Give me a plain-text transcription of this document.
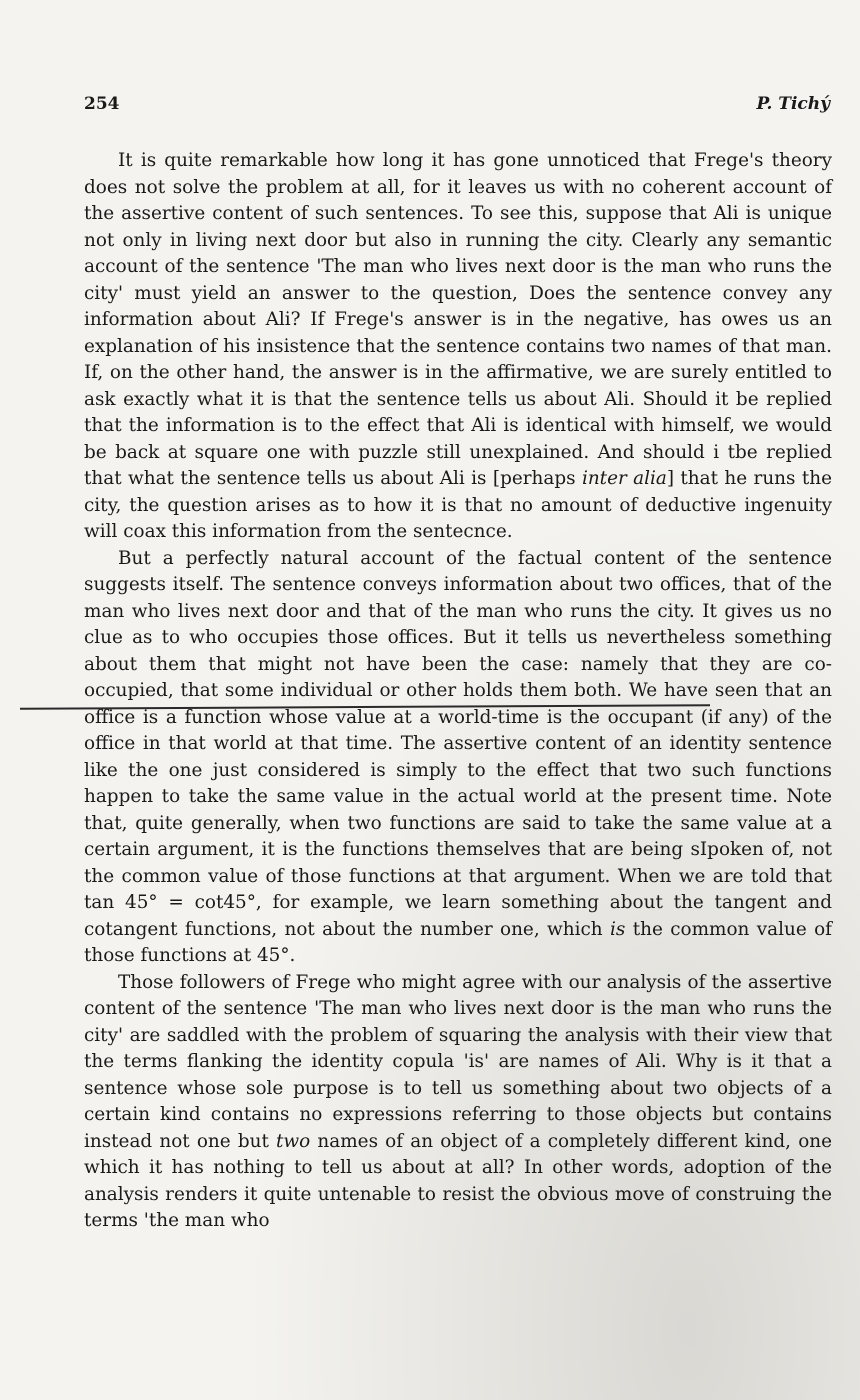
254	P. Tichý

It is quite remarkable how long it has gone unnoticed that Frege's theory does not solve the problem at all, for it leaves us with no coherent account of the assertive content of such sentences. To see this, suppose that Ali is unique not only in living next door but also in running the city. Clearly any semantic account of the sentence 'The man who lives next door is the man who runs the city' must yield an answer to the question, Does the sentence convey any information about Ali? If Frege's answer is in the negative, has owes us an explanation of his insistence that the sentence contains two names of that man. If, on the other hand, the answer is in the affirmative, we are surely entitled to ask exactly what it is that the sentence tells us about Ali. Should it be replied that the information is to the effect that Ali is identical with himself, we would be back at square one with puzzle still unexplained. And should i tbe replied that what the sentence tells us about Ali is [perhaps inter alia] that he runs the city, the question arises as to how it is that no amount of deductive ingenuity will coax this information from the sentecnce.

But a perfectly natural account of the factual content of the sentence suggests itself. The sentence conveys information about two offices, that of the man who lives next door and that of the man who runs the city. It gives us no clue as to who occupies those offices. But it tells us nevertheless something about them that might not have been the case: namely that they are co-occupied, that some individual or other holds them both. We have seen that an office is a function whose value at a world-time is the occupant (if any) of the office in that world at that time. The assertive content of an identity sentence like the one just considered is simply to the effect that two such functions happen to take the same value in the actual world at the present time. Note that, quite generally, when two functions are said to take the same value at a certain argument, it is the functions themselves that are being sIpoken of, not the common value of those functions at that argument. When we are told that tan 45° = cot45°, for example, we learn something about the tangent and cotangent functions, not about the number one, which is the common value of those functions at 45°.

Those followers of Frege who might agree with our analysis of the assertive content of the sentence 'The man who lives next door is the man who runs the city' are saddled with the problem of squaring the analysis with their view that the terms flanking the identity copula 'is' are names of Ali. Why is it that a sentence whose sole purpose is to tell us something about two objects of a certain kind contains no expressions referring to those objects but contains instead not one but two names of an object of a completely different kind, one which it has nothing to tell us about at all? In other words, adoption of the analysis renders it quite untenable to resist the obvious move of construing the terms 'the man who
